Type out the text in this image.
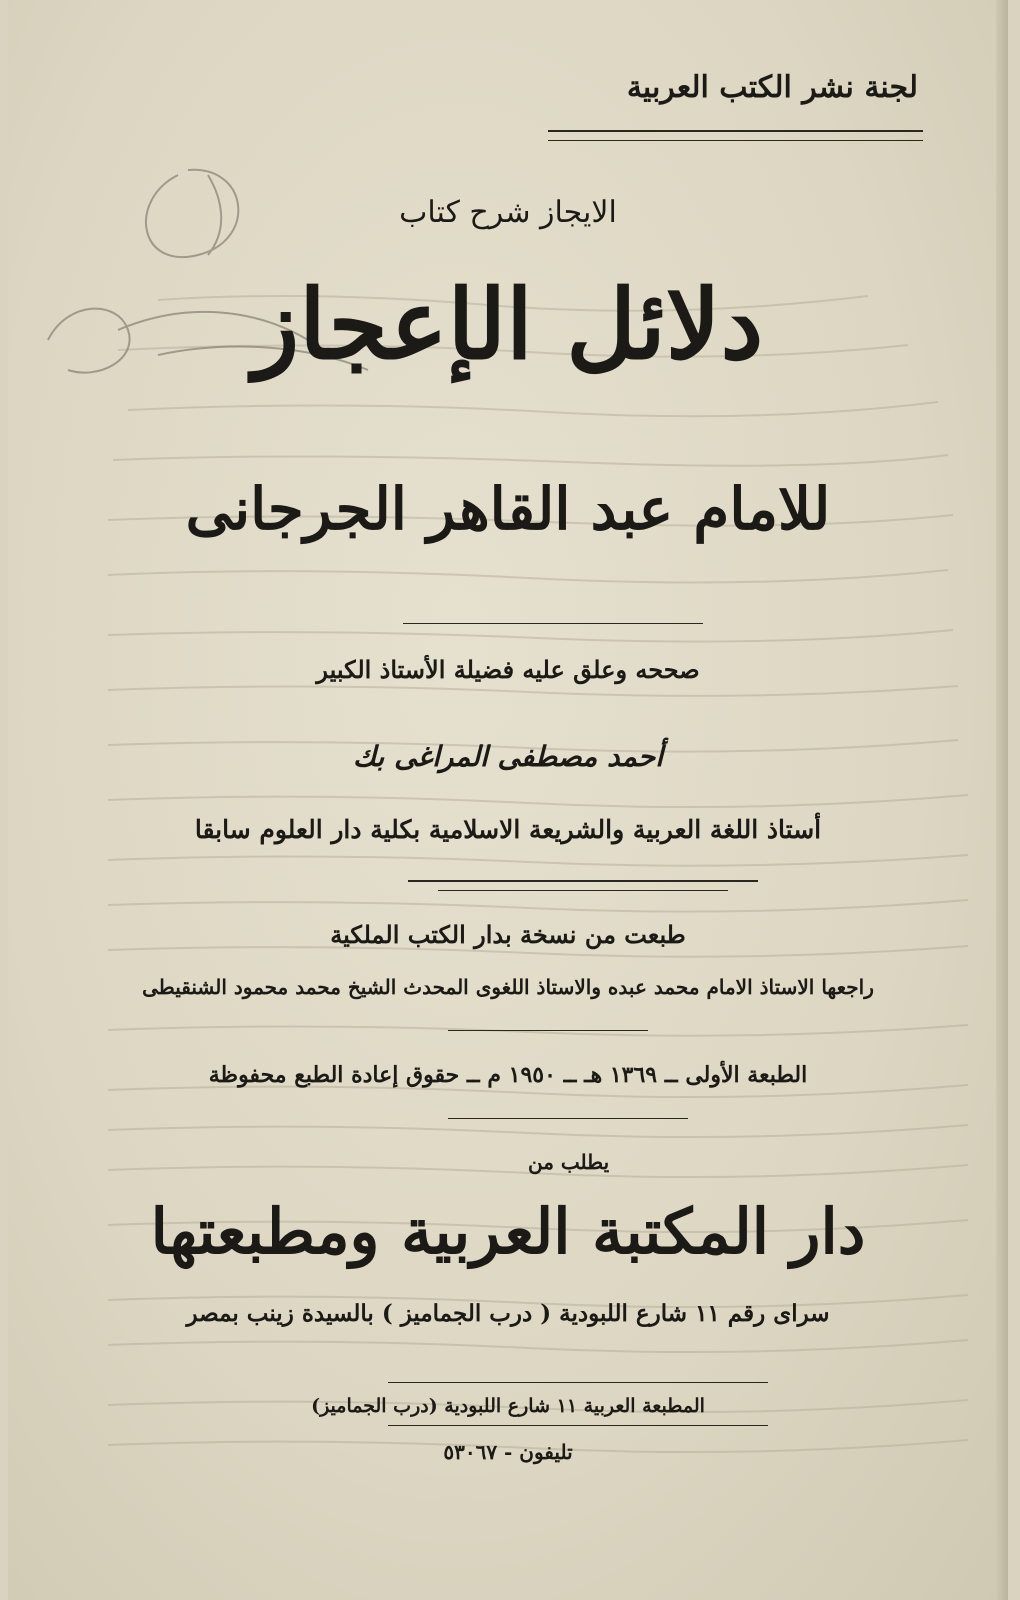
لجنة نشر الكتب العربية
الايجاز شرح كتاب
دلائل الإعجاز
للامام عبد القاهر الجرجانى
صححه وعلق عليه فضيلة الأستاذ الكبير
أحمد مصطفى المراغى بك
أستاذ اللغة العربية والشريعة الاسلامية بكلية دار العلوم سابقا
طبعت من نسخة بدار الكتب الملكية
راجعها الاستاذ الامام محمد عبده والاستاذ اللغوى المحدث الشيخ محمد محمود الشنقيطى
الطبعة الأولى ــ ١٣٦٩ هـ ــ ١٩٥٠ م ــ حقوق إعادة الطبع محفوظة
يطلب من
دار المكتبة العربية ومطبعتها
سراى رقم ١١ شارع اللبودية ( درب الجماميز ) بالسيدة زينب بمصر
المطبعة العربية ١١ شارع اللبودية (درب الجماميز)
تليفون - ٥٣٠٦٧
